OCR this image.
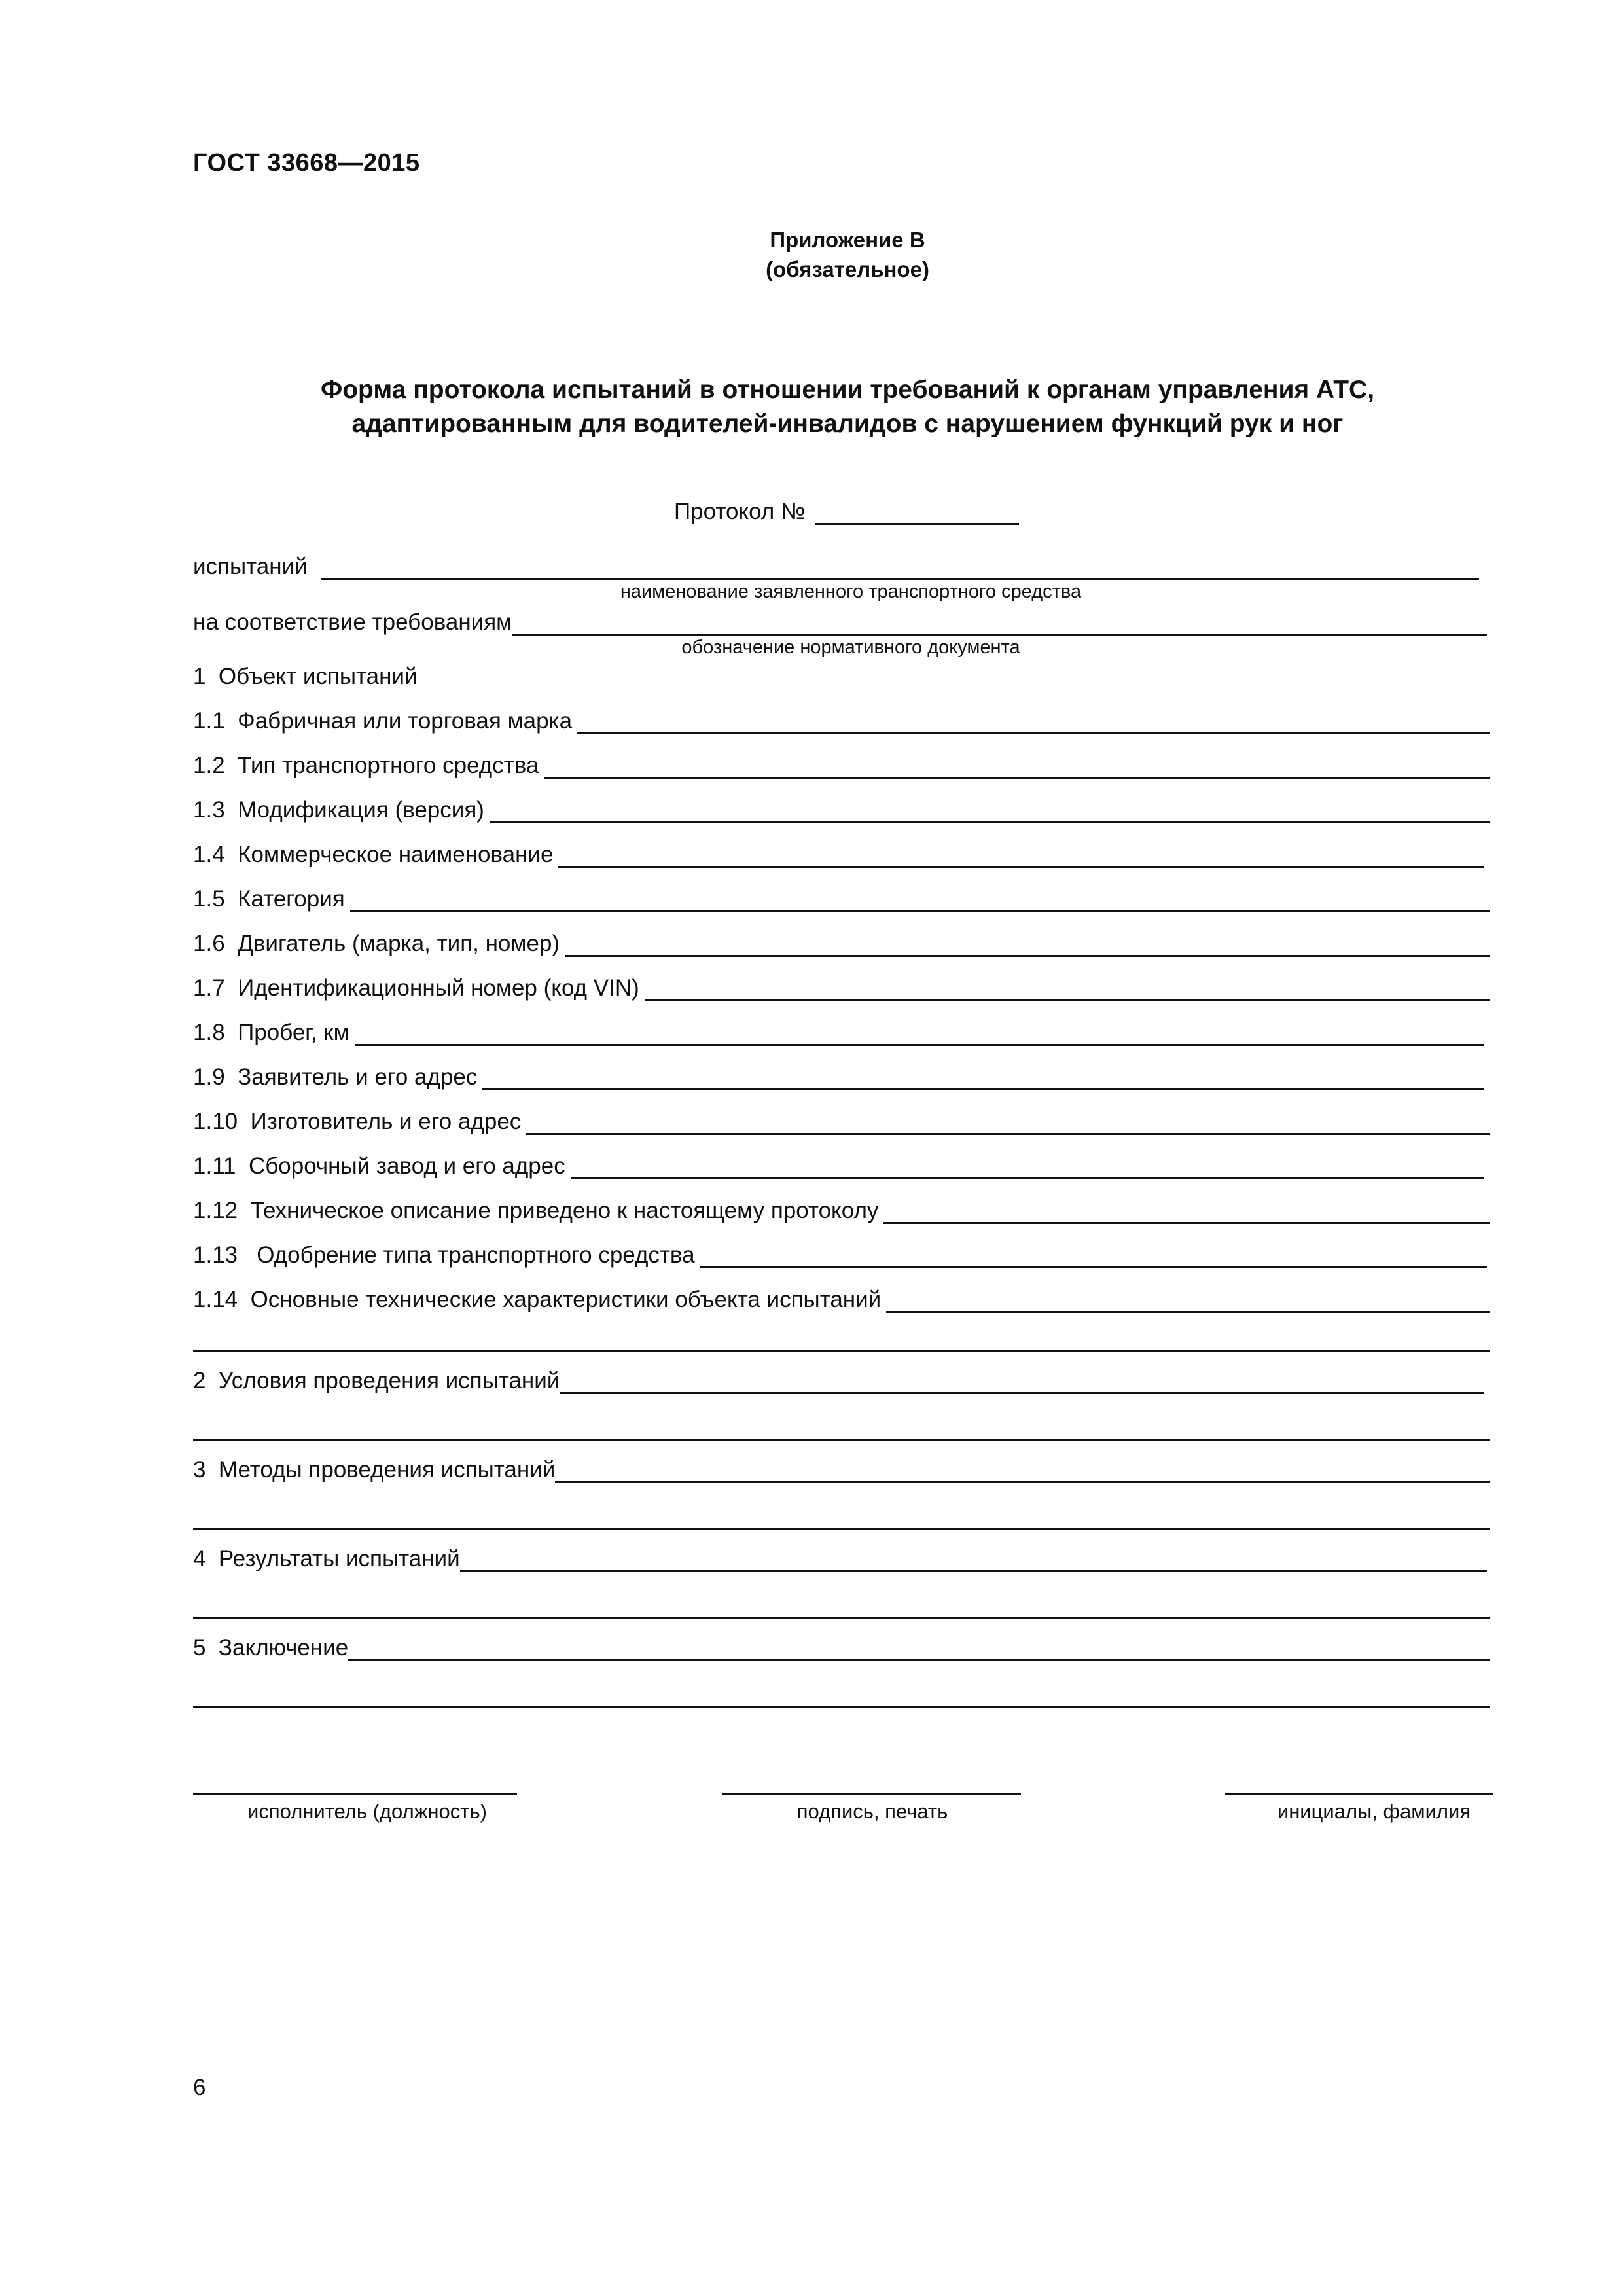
ГОСТ 33668—2015
Приложение В
(обязательное)
Форма протокола испытаний в отношении требований к органам управления АТС,
адаптированным для водителей-инвалидов с нарушением функций рук и ног
Протокол №
испытаний
наименование заявленного транспортного средства
на соответствие требованиям
обозначение нормативного документа
1  Объект испытаний
1.1  Фабричная или торговая марка
1.2  Тип транспортного средства
1.3  Модификация (версия)
1.4  Коммерческое наименование
1.5  Категория
1.6  Двигатель (марка, тип, номер)
1.7  Идентификационный номер (код VIN)
1.8  Пробег, км
1.9  Заявитель и его адрес
1.10  Изготовитель и его адрес
1.11  Сборочный завод и его адрес
1.12  Техническое описание приведено к настоящему протоколу
1.13   Одобрение типа транспортного средства
1.14  Основные технические характеристики объекта испытаний
2  Условия проведения испытаний
3  Методы проведения испытаний
4  Результаты испытаний
5  Заключение
исполнитель (должность)	подпись, печать	инициалы, фамилия
6
